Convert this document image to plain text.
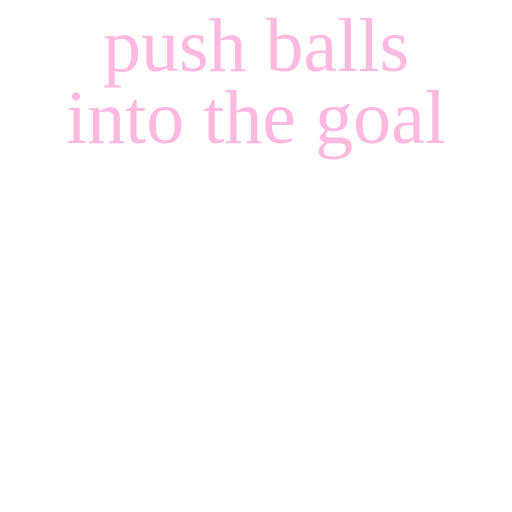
push balls
into the goal
